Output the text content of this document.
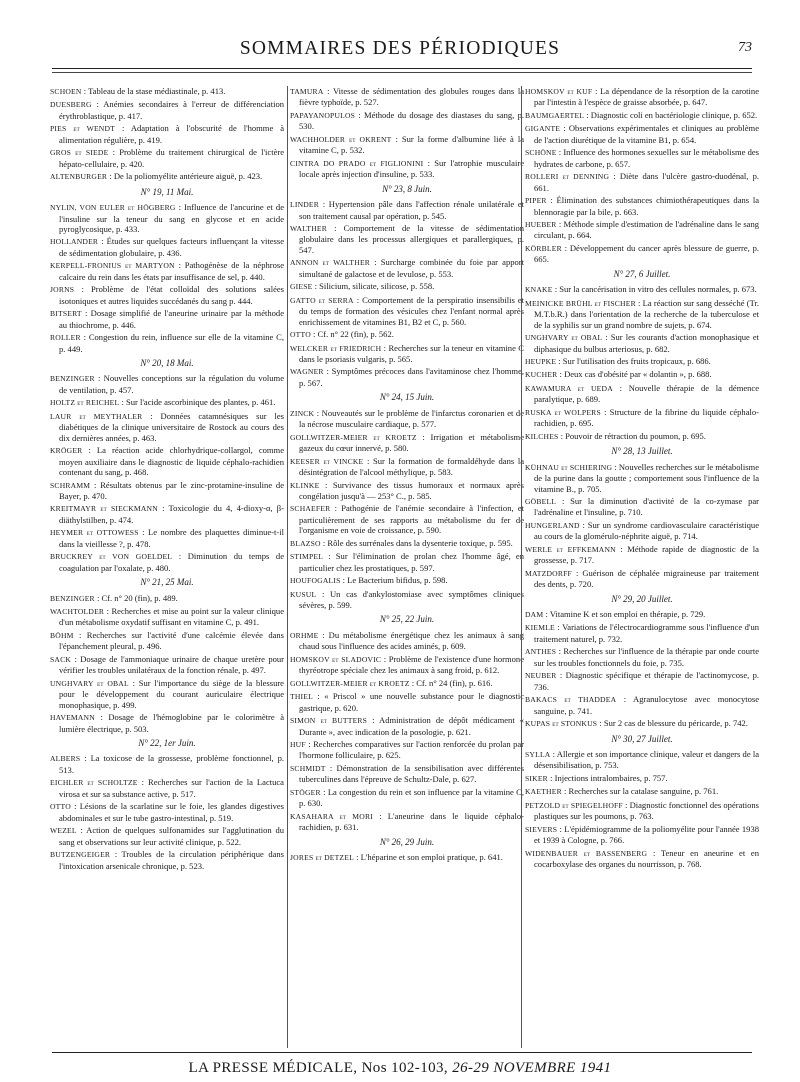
SOMMAIRES DES PÉRIODIQUES	73
SCHOEN : Tableau de la stase médiastinale, p. 413.
DUESBERG : Anémies secondaires à l'erreur de différenciation érythroblastique, p. 417.
PIES et WENDT : Adaptation à l'obscurité de l'homme à alimentation régulière, p. 419.
GROS et SIEDE : Problème du traitement chirurgical de l'ictère hépato-cellulaire, p. 420.
ALTENBURGER : De la poliomyélite antérieure aiguë, p. 423.
N° 19, 11 Mai.
NYLIN, VON EULER et HÖGBERG : Influence de l'ancurine et de l'insuline sur la teneur du sang en glycose et en acide pyroglycosique, p. 433.
HOLLANDER : Études sur quelques facteurs influençant la vitesse de sédimentation globulaire, p. 436.
KERPELL-FRONIUS et MARTYON : Pathogénèse de la néphrose calcaire du rein dans les états par insuffisance de sel, p. 440.
JORNS : Problème de l'état colloïdal des solutions salées isotoniques et autres liquides succédanés du sang p. 444.
BITSERT : Dosage simplifié de l'aneurine urinaire par la méthode au thiochrome, p. 446.
ROLLER : Congestion du rein, influence sur elle de la vitamine C, p. 449.
N° 20, 18 Mai.
BENZINGER : Nouvelles conceptions sur la régulation du volume de ventilation, p. 457.
HOLTZ et REICHEL : Sur l'acide ascorbinique des plantes, p. 461.
LAUR et MEYTHALER : Données catamnésiques sur les diabétiques de la clinique universitaire de Rostock au cours des dix dernières années, p. 463.
KRÖGER : La réaction acide chlorhydrique-collargol, comme moyen auxiliaire dans le diagnostic de liquide céphalo-rachidien contenant du sang, p. 468.
SCHRAMM : Résultats obtenus par le zinc-protamine-insuline de Bayer, p. 470.
KREITMAYR et SIECKMANN : Toxicologie du 4, 4-dioxy-α, β-diäthylstilben, p. 474.
HEYMER et OTTOWESS : Le nombre des plaquettes diminue-t-il dans la vieillesse ?, p. 478.
BRUCKREY et VON GOELDEL : Diminution du temps de coagulation par l'oxalate, p. 480.
N° 21, 25 Mai.
BENZINGER : Cf. n° 20 (fin), p. 489.
WACHTOLDER : Recherches et mise au point sur la valeur clinique d'un métabolisme oxydatif suffisant en vitamine C, p. 491.
BÖHM : Recherches sur l'activité d'une calcémie élevée dans l'épanchement pleural, p. 496.
SACK : Dosage de l'ammoniaque urinaire de chaque uretère pour vérifier les troubles unilatéraux de la fonction rénale, p. 497.
UNGHVARY et OBAL : Sur l'importance du siège de la blessure pour le développement du courant auriculaire électrique monophasique, p. 499.
HAVEMANN : Dosage de l'hémoglobine par le colorimètre à lumière électrique, p. 503.
N° 22, 1er Juin.
ALBERS : La toxicose de la grossesse, problème fonctionnel, p. 513.
EICHLER et SCHOLTZE : Recherches sur l'action de la Lactuca virosa et sur sa substance active, p. 517.
OTTO : Lésions de la scarlatine sur le foie, les glandes digestives abdominales et sur le tube gastro-intestinal, p. 519.
WEZEL : Action de quelques sulfonamides sur l'agglutination du sang et observations sur leur activité clinique, p. 522.
BUTZENGEIGER : Troubles de la circulation périphérique dans l'intoxication arsenicale chronique, p. 523.
TAMURA : Vitesse de sédimentation des globules rouges dans la fièvre typhoïde, p. 527.
PAPAYANOPULOS : Méthode du dosage des diastases du sang, p. 530.
WACHHOLDER et OKRENT : Sur la forme d'albumine liée à la vitamine C, p. 532.
CINTRA DO PRADO et FIGLIONINI : Sur l'atrophie musculaire locale après injection d'insuline, p. 533.
N° 23, 8 Juin.
LINDER : Hypertension pâle dans l'affection rénale unilatérale et son traitement causal par opération, p. 545.
WALTHER : Comportement de la vitesse de sédimentation globulaire dans les processus allergiques et parallergiques, p. 547.
ANNON et WALTHER : Surcharge combinée du foie par apport simultané de galactose et de levulose, p. 553.
GIESE : Silicium, silicate, silicose, p. 558.
GATTO et SERRA : Comportement de la perspiratio insensibilis et du temps de formation des vésicules chez l'enfant normal après enrichissement de vitamines B1, B2 et C, p. 560.
OTTO : Cf. n° 22 (fin), p. 562.
WELCKER et FRIEDRICH : Recherches sur la teneur en vitamine C dans le psoriasis vulgaris, p. 565.
WAGNER : Symptômes précoces dans l'avitaminose chez l'homme, p. 567.
N° 24, 15 Juin.
ZINCK : Nouveautés sur le problème de l'infarctus coronarien et de la nécrose musculaire cardiaque, p. 577.
GOLLWITZER-MEIER et KROETZ : Irrigation et métabolisme gazeux du cœur innervé, p. 580.
KEESER et VINCKE : Sur la formation de formaldéhyde dans la désintégration de l'alcool méthylique, p. 583.
KLINKE : Survivance des tissus humoraux et normaux après congélation jusqu'à — 253° C., p. 585.
SCHAEFER : Pathogénie de l'anémie secondaire à l'infection, et particulièrement de ses rapports au métabolisme du fer de l'organisme en voie de croissance, p. 590.
BLAZSO : Rôle des surrénales dans la dysenterie toxique, p. 595.
STIMPEL : Sur l'élimination de prolan chez l'homme âgé, en particulier chez les prostatiques, p. 597.
HOUFOGALIS : Le Bacterium bifidus, p. 598.
KUSUL : Un cas d'ankylostomiase avec symptômes cliniques sévères, p. 599.
N° 25, 22 Juin.
ORHME : Du métabolisme énergétique chez les animaux à sang chaud sous l'influence des acides aminés, p. 609.
HOMSKOV et SLADOVIC : Problème de l'existence d'une hormone thyréotrope spéciale chez les animaux à sang froid, p. 612.
GOLLWITZER-MEIER et KROETZ : Cf. n° 24 (fin), p. 616.
THIEL : « Priscol » une nouvelle substance pour le diagnostic gastrique, p. 620.
SIMON et BUTTERS : Administration de dépôt médicament « Durante », avec indication de la posologie, p. 621.
HUF : Recherches comparatives sur l'action renforcée du prolan par l'hormone folliculaire, p. 625.
SCHMIDT : Démonstration de la sensibilisation avec différentes tuberculines dans l'épreuve de Schultz-Dale, p. 627.
STÖGER : La congestion du rein et son influence par la vitamine C, p. 630.
KASAHARA et MORI : L'aneurine dans le liquide céphalo-rachidien, p. 631.
N° 26, 29 Juin.
JORES et DETZEL : L'héparine et son emploi pratique, p. 641.
HOMSKOV et KUF : La dépendance de la résorption de la carotine par l'intestin à l'espèce de graisse absorbée, p. 647.
BAUMGAERTEL : Diagnostic coli en bactériologie clinique, p. 652.
GIGANTE : Observations expérimentales et cliniques au problème de l'action diurétique de la vitamine B1, p. 654.
SCHÖNE : Influence des hormones sexuelles sur le métabolisme des hydrates de carbone, p. 657.
ROLLERI et DENNING : Diète dans l'ulcère gastro-duodénal, p. 661.
PIPER : Élimination des substances chimiothérapeutiques dans la blennoragie par la bile, p. 663.
HUEBER : Méthode simple d'estimation de l'adrénaline dans le sang circulant, p. 664.
KÖRBLER : Développement du cancer après blessure de guerre, p. 665.
N° 27, 6 Juillet.
KNAKE : Sur la cancérisation in vitro des cellules normales, p. 673.
MEINICKE BRÜHL et FISCHER : La réaction sur sang desséché (Tr. M.T.b.R.) dans l'orientation de la recherche de la tuberculose et de la syphilis sur un grand nombre de sujets, p. 674.
UNGHVARY et OBAL : Sur les courants d'action monophasique et diphasique du bulbus arteriosus, p. 682.
HEUPKE : Sur l'utilisation des fruits tropicaux, p. 686.
KUCHER : Deux cas d'obésité par « dolantin », p. 688.
KAWAMURA et UEDA : Nouvelle thérapie de la démence paralytique, p. 689.
RUSKA et WOLPERS : Structure de la fibrine du liquide céphalo-rachidien, p. 695.
KILCHES : Pouvoir de rétraction du poumon, p. 695.
N° 28, 13 Juillet.
KÜHNAU et SCHIERING : Nouvelles recherches sur le métabolisme de la purine dans la goutte ; comportement sous l'influence de la vitamine B., p. 705.
GÖBELL : Sur la diminution d'activité de la co-zymase par l'adrénaline et l'insuline, p. 710.
HUNGERLAND : Sur un syndrome cardiovasculaire caractéristique au cours de la glomérulo-néphrite aiguë, p. 714.
WERLE et EFFKEMANN : Méthode rapide de diagnostic de la grossesse, p. 717.
MATZDORFF : Guérison de céphalée migraineuse par traitement des dents, p. 720.
N° 29, 20 Juillet.
DAM : Vitamine K et son emploi en thérapie, p. 729.
KIEMLE : Variations de l'électrocardiogramme sous l'influence d'un traitement naturel, p. 732.
ANTHES : Recherches sur l'influence de la thérapie par onde courte sur les troubles fonctionnels du foie, p. 735.
NEUBER : Diagnostic spécifique et thérapie de l'actinomycose, p. 736.
BAKACS et THADDEA : Agranulocytose avec monocytose sanguine, p. 741.
KUPAS et STONKUS : Sur 2 cas de blessure du péricarde, p. 742.
N° 30, 27 Juillet.
SYLLA : Allergie et son importance clinique, valeur et dangers de la désensibilisation, p. 753.
SIKER : Injections intralombaires, p. 757.
KAETHER : Recherches sur la catalase sanguine, p. 761.
PETZOLD et SPIEGELHOFF : Diagnostic fonctionnel des opérations plastiques sur les poumons, p. 763.
SIEVERS : L'épidémiogramme de la poliomyélite pour l'année 1938 et 1939 à Cologne, p. 766.
WIDENBAUER et BASSENBERG : Teneur en aneurine et en cocarboxylase des organes du nourrisson, p. 768.
LA PRESSE MÉDICALE, Nos 102-103, 26-29 NOVEMBRE 1941
